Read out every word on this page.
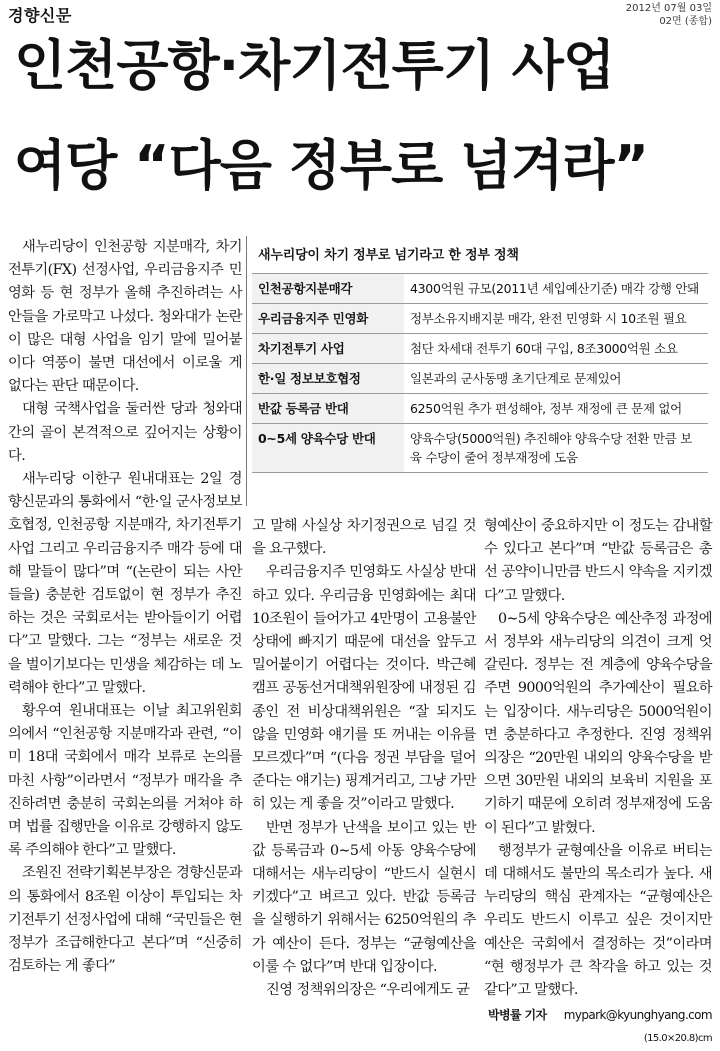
경향신문	2012년 07월 03일
02면 (종합)
인천공항·차기전투기 사업
여당 “다음 정부로 넘겨라”

새누리당이 인천공항 지분매각, 차기전투기(FX) 선정사업, 우리금융지주 민영화 등 현 정부가 올해 추진하려는 사안들을 가로막고 나섰다. 청와대가 논란이 많은 대형 사업을 임기 말에 밀어붙이다 역풍이 불면 대선에서 이로울 게 없다는 판단 때문이다.

대형 국책사업을 둘러싼 당과 청와대 간의 골이 본격적으로 깊어지는 상황이다.

새누리당 이한구 원내대표는 2일 경향신문과의 통화에서 “한·일 군사정보보호협정, 인천공항 지분매각, 차기전투기 사업 그리고 우리금융지주 매각 등에 대해 말들이 많다”며 “(논란이 되는 사안들을) 충분한 검토없이 현 정부가 추진하는 것은 국회로서는 받아들이기 어렵다”고 말했다. 그는 “정부는 새로운 것을 벌이기보다는 민생을 체감하는 데 노력해야 한다”고 말했다.

황우여 원내대표는 이날 최고위원회의에서 “인천공항 지분매각과 관련, “이미 18대 국회에서 매각 보류로 논의를 마친 사항”이라면서 “정부가 매각을 추진하려면 충분히 국회논의를 거쳐야 하며 법률 집행만을 이유로 강행하지 않도록 주의해야 한다”고 말했다.

조원진 전략기획본부장은 경향신문과의 통화에서 8조원 이상이 투입되는 차기전투기 선정사업에 대해 “국민들은 현 정부가 조급해한다고 본다”며 “신중히 검토하는 게 좋다”

새누리당이 차기 정부로 넘기라고 한 정부 정책
인천공항지분매각	4300억원 규모(2011년 세입예산기준) 매각 강행 안돼
우리금융지주 민영화	정부소유지배지분 매각, 완전 민영화 시 10조원 필요
차기전투기 사업	첨단 차세대 전투기 60대 구입, 8조3000억원 소요
한·일 정보보호협정	일본과의 군사동맹 초기단계로 문제있어
반값 등록금 반대	6250억원 추가 편성해야, 정부 재정에 큰 문제 없어
0∼5세 양육수당 반대	양육수당(5000억원) 추진해야 양육수당 전환 만큼 보육 수당이 줄어 정부재정에 도움

고 말해 사실상 차기정권으로 넘길 것을 요구했다.

우리금융지주 민영화도 사실상 반대하고 있다. 우리금융 민영화에는 최대 10조원이 들어가고 4만명이 고용불안 상태에 빠지기 때문에 대선을 앞두고 밀어붙이기 어렵다는 것이다. 박근혜 캠프 공동선거대책위원장에 내정된 김종인 전 비상대책위원은 “잘 되지도 않을 민영화 얘기를 또 꺼내는 이유를 모르겠다”며 “(다음 정권 부담을 덜어준다는 얘기는) 핑계거리고, 그냥 가만히 있는 게 좋을 것”이라고 말했다.

반면 정부가 난색을 보이고 있는 반값 등록금과 0∼5세 아동 양육수당에 대해서는 새누리당이 “반드시 실현시키겠다”고 벼르고 있다. 반값 등록금을 실행하기 위해서는 6250억원의 추가 예산이 든다. 정부는 “균형예산을 이룰 수 없다”며 반대 입장이다.

진영 정책위의장은 “우리에게도 균

형예산이 중요하지만 이 정도는 감내할 수 있다고 본다”며 “반값 등록금은 총선 공약이니만큼 반드시 약속을 지키겠다”고 말했다.

0∼5세 양육수당은 예산추정 과정에서 정부와 새누리당의 의견이 크게 엇갈린다. 정부는 전 계층에 양육수당을 주면 9000억원의 추가예산이 필요하는 입장이다. 새누리당은 5000억원이면 충분하다고 추정한다. 진영 정책위의장은 “20만원 내외의 양육수당을 받으면 30만원 내외의 보육비 지원을 포기하기 때문에 오히려 정부재정에 도움이 된다”고 밝혔다.

행정부가 균형예산을 이유로 버티는 데 대해서도 불만의 목소리가 높다. 새누리당의 핵심 관계자는 “균형예산은 우리도 반드시 이루고 싶은 것이지만 예산은 국회에서 결정하는 것”이라며 “현 행정부가 큰 착각을 하고 있는 것 같다”고 말했다.

박병률 기자 mypark@kyunghyang.com
(15.0×20.8)cm
